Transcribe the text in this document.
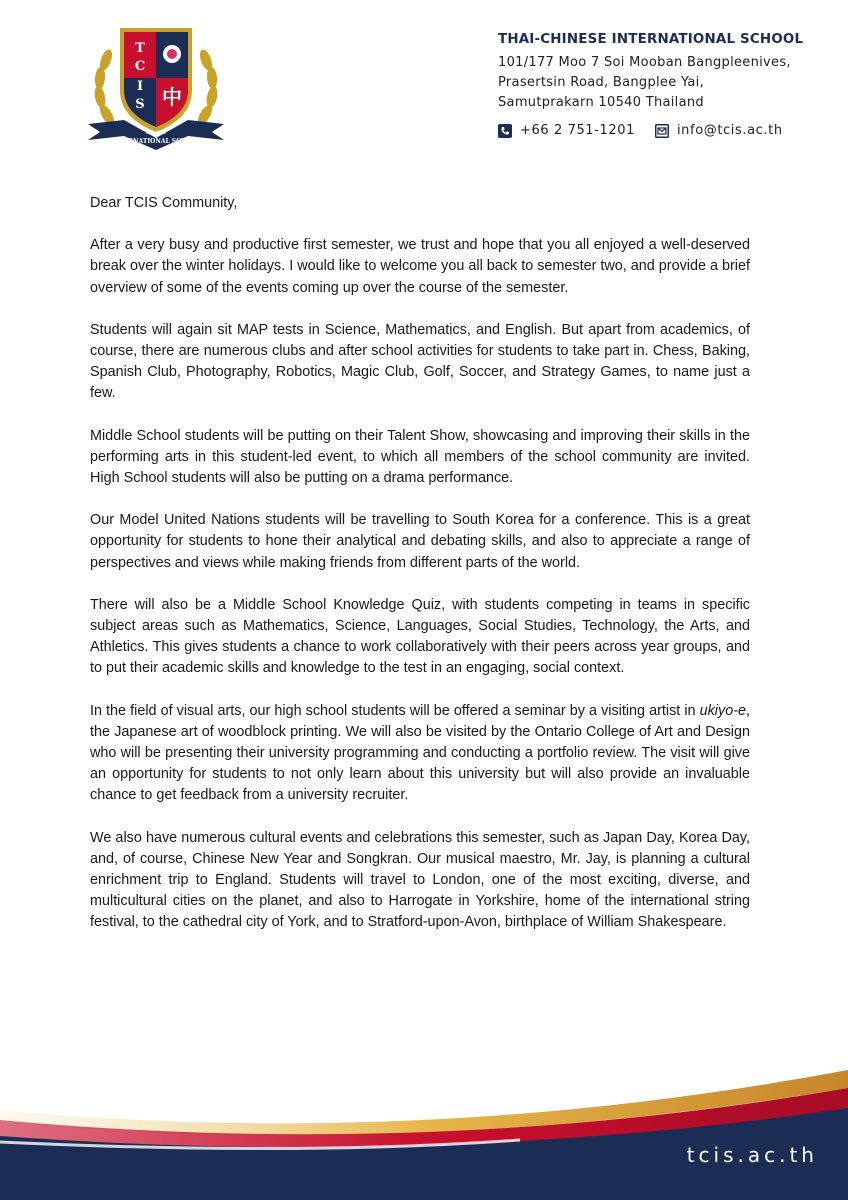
T
C
I
S 中
EST. 1995
INTERNATIONAL SCHOOL
THAI-CHINESE INTERNATIONAL SCHOOL
101/177 Moo 7 Soi Mooban Bangpleenives,
Prasertsin Road, Bangplee Yai,
Samutprakarn 10540 Thailand
+66 2 751-1201	info@tcis.ac.th

Dear TCIS Community,

After a very busy and productive first semester, we trust and hope that you all enjoyed a well-deserved break over the winter holidays. I would like to welcome you all back to semester two, and provide a brief overview of some of the events coming up over the course of the semester.

Students will again sit MAP tests in Science, Mathematics, and English. But apart from academics, of course, there are numerous clubs and after school activities for students to take part in. Chess, Baking, Spanish Club, Photography, Robotics, Magic Club, Golf, Soccer, and Strategy Games, to name just a few.

Middle School students will be putting on their Talent Show, showcasing and improving their skills in the performing arts in this student-led event, to which all members of the school community are invited. High School students will also be putting on a drama performance.

Our Model United Nations students will be travelling to South Korea for a conference. This is a great opportunity for students to hone their analytical and debating skills, and also to appreciate a range of perspectives and views while making friends from different parts of the world.

There will also be a Middle School Knowledge Quiz, with students competing in teams in specific subject areas such as Mathematics, Science, Languages, Social Studies, Technology, the Arts, and Athletics. This gives students a chance to work collaboratively with their peers across year groups, and to put their academic skills and knowledge to the test in an engaging, social context.

In the field of visual arts, our high school students will be offered a seminar by a visiting artist in ukiyo-e, the Japanese art of woodblock printing. We will also be visited by the Ontario College of Art and Design who will be presenting their university programming and conducting a portfolio review. The visit will give an opportunity for students to not only learn about this university but will also provide an invaluable chance to get feedback from a university recruiter.

We also have numerous cultural events and celebrations this semester, such as Japan Day, Korea Day, and, of course, Chinese New Year and Songkran. Our musical maestro, Mr. Jay, is planning a cultural enrichment trip to England. Students will travel to London, one of the most exciting, diverse, and multicultural cities on the planet, and also to Harrogate in Yorkshire, home of the international string festival, to the cathedral city of York, and to Stratford-upon-Avon, birthplace of William Shakespeare.

tcis.ac.th
